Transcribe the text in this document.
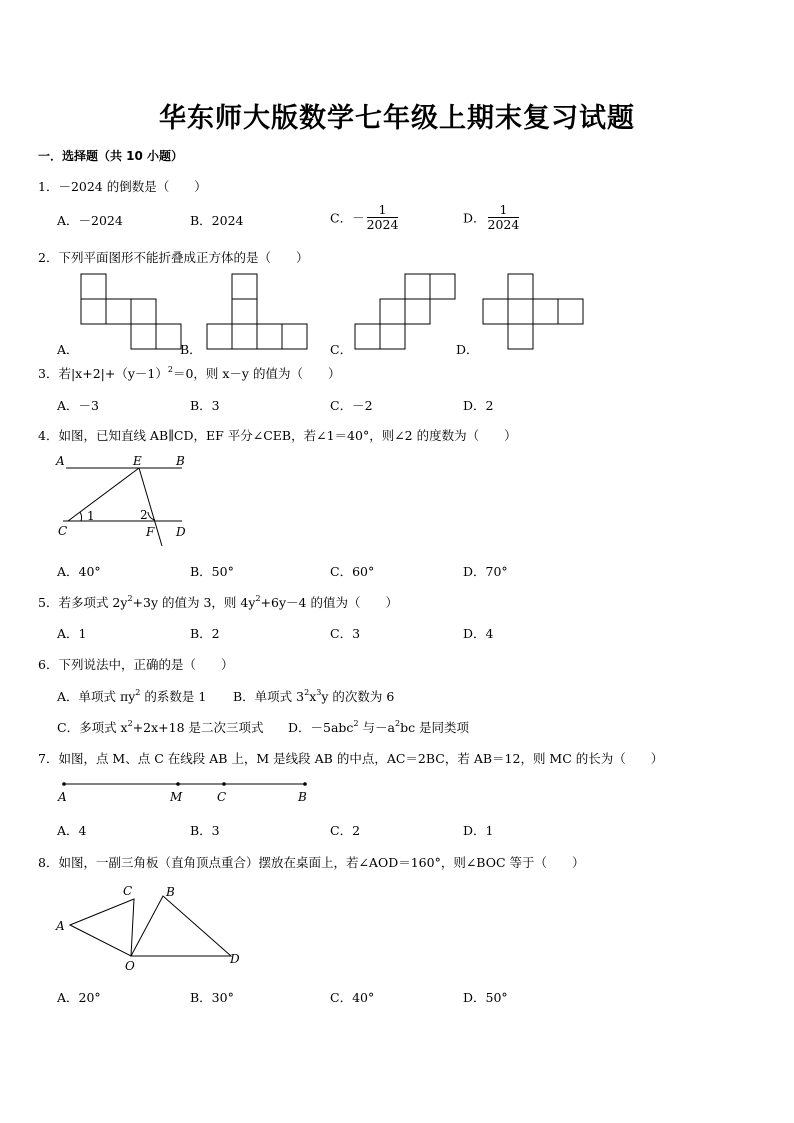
华东师大版数学七年级上期末复习试题
一．选择题（共 10 小题）
1．－2024 的倒数是（　　）
A．－2024	B．2024	C．－ $\frac{1}{2024}$	D． $\frac{1}{2024}$
2．下列平面图形不能折叠成正方体的是（　　）
A．	B．	C．	D．
3．若$|x+2|+(y-1)^2=0$，则 x－y 的值为（　　）
A．－3	B．3	C．－2	D．2
4．如图，已知直线 AB∥CD，EF 平分∠CEB，若∠1＝40°，则∠2 的度数为（　　）
A	E	B
C	F D
1	2
A．40°	B．50°	C．60°	D．70°
5．若多项式 $2y^2+3y$ 的值为 3，则 $4y^2+6y-4$ 的值为（　　）
A．1	B．2	C．3	D．4
6．下列说法中，正确的是（　　）
A．单项式 $\pi y^2$ 的系数是 1 B．单项式 $3^2x^3y$ 的次数为 6
C．多项式 $x^2+2x+18$ 是二次三项式 D．－5abc$^2$ 与$-a^2bc$ 是同类项
7．如图，点 M、点 C 在线段 AB 上，M 是线段 AB 的中点，AC＝2BC，若 AB＝12，则 MC 的长为（　　）
A	M	C	B
A．4	B．3	C．2	D．1
8．如图，一副三角板（直角顶点重合）摆放在桌面上，若∠AOD＝160°，则∠BOC 等于（　　）
A
C	B
O	D
A．20°	B．30°	C．40°	D．50°
